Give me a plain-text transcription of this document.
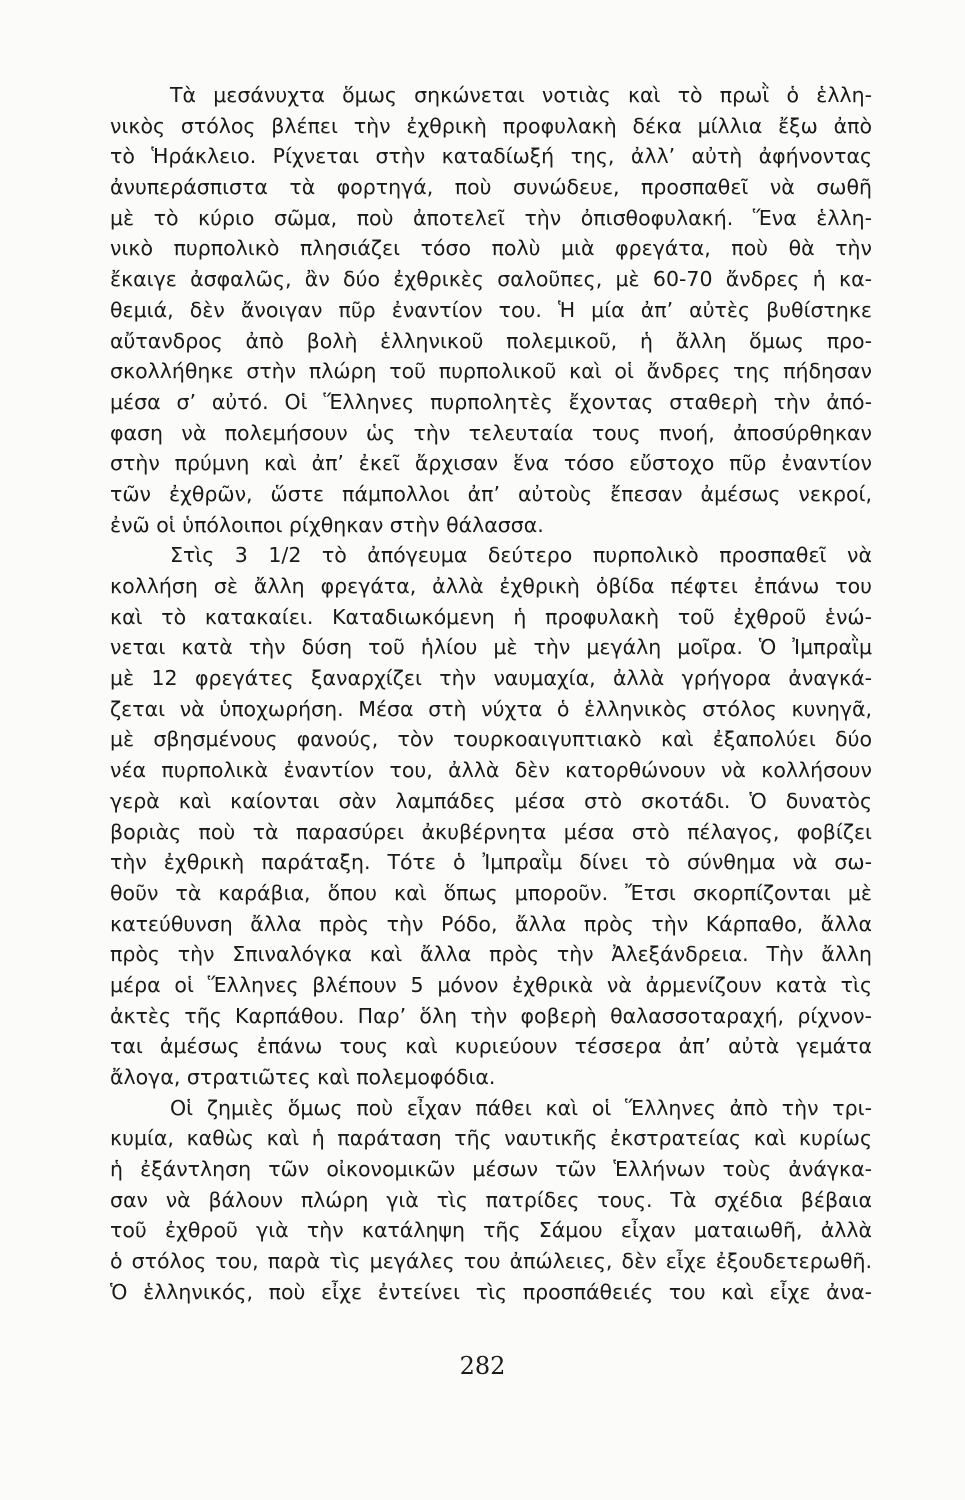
Τὰ μεσάνυχτα ὅμως σηκώνεται νοτιὰς καὶ τὸ πρωῒ ὁ ἑλλη-
νικὸς στόλος βλέπει τὴν ἐχθρικὴ προφυλακὴ δέκα μίλλια ἔξω ἀπὸ
τὸ Ἡράκλειο. Ρίχνεται στὴν καταδίωξή της, ἀλλ’ αὐτὴ ἀφήνοντας
ἀνυπεράσπιστα τὰ φορτηγά, ποὺ συνώδευε, προσπαθεῖ νὰ σωθῆ
μὲ τὸ κύριο σῶμα, ποὺ ἀποτελεῖ τὴν ὀπισθοφυλακή. Ἕνα ἑλλη-
νικὸ πυρπολικὸ πλησιάζει τόσο πολὺ μιὰ φρεγάτα, ποὺ θὰ τὴν
ἔκαιγε ἀσφαλῶς, ἂν δύο ἐχθρικὲς σαλοῦπες, μὲ 60-70 ἄνδρες ἡ κα-
θεμιά, δὲν ἄνοιγαν πῦρ ἐναντίον του. Ἡ μία ἀπ’ αὐτὲς βυθίστηκε
αὔτανδρος ἀπὸ βολὴ ἑλληνικοῦ πολεμικοῦ, ἡ ἄλλη ὅμως προ-
σκολλήθηκε στὴν πλώρη τοῦ πυρπολικοῦ καὶ οἱ ἄνδρες της πήδησαν
μέσα σ’ αὐτό. Οἱ Ἕλληνες πυρπολητὲς ἔχοντας σταθερὴ τὴν ἀπό-
φαση νὰ πολεμήσουν ὡς τὴν τελευταία τους πνοή, ἀποσύρθηκαν
στὴν πρύμνη καὶ ἀπ’ ἐκεῖ ἄρχισαν ἕνα τόσο εὔστοχο πῦρ ἐναντίον
τῶν ἐχθρῶν, ὥστε πάμπολλοι ἀπ’ αὐτοὺς ἔπεσαν ἀμέσως νεκροί,
ἐνῶ οἱ ὑπόλοιποι ρίχθηκαν στὴν θάλασσα.
Στὶς 3 1/2 τὸ ἀπόγευμα δεύτερο πυρπολικὸ προσπαθεῖ νὰ
κολλήση σὲ ἄλλη φρεγάτα, ἀλλὰ ἐχθρικὴ ὀβίδα πέφτει ἐπάνω του
καὶ τὸ κατακαίει. Καταδιωκόμενη ἡ προφυλακὴ τοῦ ἐχθροῦ ἑνώ-
νεται κατὰ τὴν δύση τοῦ ἡλίου μὲ τὴν μεγάλη μοῖρα. Ὁ Ἰμπραῒμ
μὲ 12 φρεγάτες ξαναρχίζει τὴν ναυμαχία, ἀλλὰ γρήγορα ἀναγκά-
ζεται νὰ ὑποχωρήση. Μέσα στὴ νύχτα ὁ ἑλληνικὸς στόλος κυνηγᾶ,
μὲ σβησμένους φανούς, τὸν τουρκοαιγυπτιακὸ καὶ ἐξαπολύει δύο
νέα πυρπολικὰ ἐναντίον του, ἀλλὰ δὲν κατορθώνουν νὰ κολλήσουν
γερὰ καὶ καίονται σὰν λαμπάδες μέσα στὸ σκοτάδι. Ὁ δυνατὸς
βοριὰς ποὺ τὰ παρασύρει ἀκυβέρνητα μέσα στὸ πέλαγος, φοβίζει
τὴν ἐχθρικὴ παράταξη. Τότε ὁ Ἰμπραῒμ δίνει τὸ σύνθημα νὰ σω-
θοῦν τὰ καράβια, ὅπου καὶ ὅπως μποροῦν. Ἔτσι σκορπίζονται μὲ
κατεύθυνση ἄλλα πρὸς τὴν Ρόδο, ἄλλα πρὸς τὴν Κάρπαθο, ἄλλα
πρὸς τὴν Σπιναλόγκα καὶ ἄλλα πρὸς τὴν Ἀλεξάνδρεια. Τὴν ἄλλη
μέρα οἱ Ἕλληνες βλέπουν 5 μόνον ἐχθρικὰ νὰ ἀρμενίζουν κατὰ τὶς
ἀκτὲς τῆς Καρπάθου. Παρ’ ὅλη τὴν φοβερὴ θαλασσοταραχή, ρίχνον-
ται ἀμέσως ἐπάνω τους καὶ κυριεύουν τέσσερα ἀπ’ αὐτὰ γεμάτα
ἄλογα, στρατιῶτες καὶ πολεμοφόδια.
Οἱ ζημιὲς ὅμως ποὺ εἶχαν πάθει καὶ οἱ Ἕλληνες ἀπὸ τὴν τρι-
κυμία, καθὼς καὶ ἡ παράταση τῆς ναυτικῆς ἐκστρατείας καὶ κυρίως
ἡ ἐξάντληση τῶν οἰκονομικῶν μέσων τῶν Ἑλλήνων τοὺς ἀνάγκα-
σαν νὰ βάλουν πλώρη γιὰ τὶς πατρίδες τους. Τὰ σχέδια βέβαια
τοῦ ἐχθροῦ γιὰ τὴν κατάληψη τῆς Σάμου εἶχαν ματαιωθῆ, ἀλλὰ
ὁ στόλος του, παρὰ τὶς μεγάλες του ἀπώλειες, δὲν εἶχε ἐξουδετερωθῆ.
Ὁ ἑλληνικός, ποὺ εἶχε ἐντείνει τὶς προσπάθειές του καὶ εἶχε ἀνα-
282
